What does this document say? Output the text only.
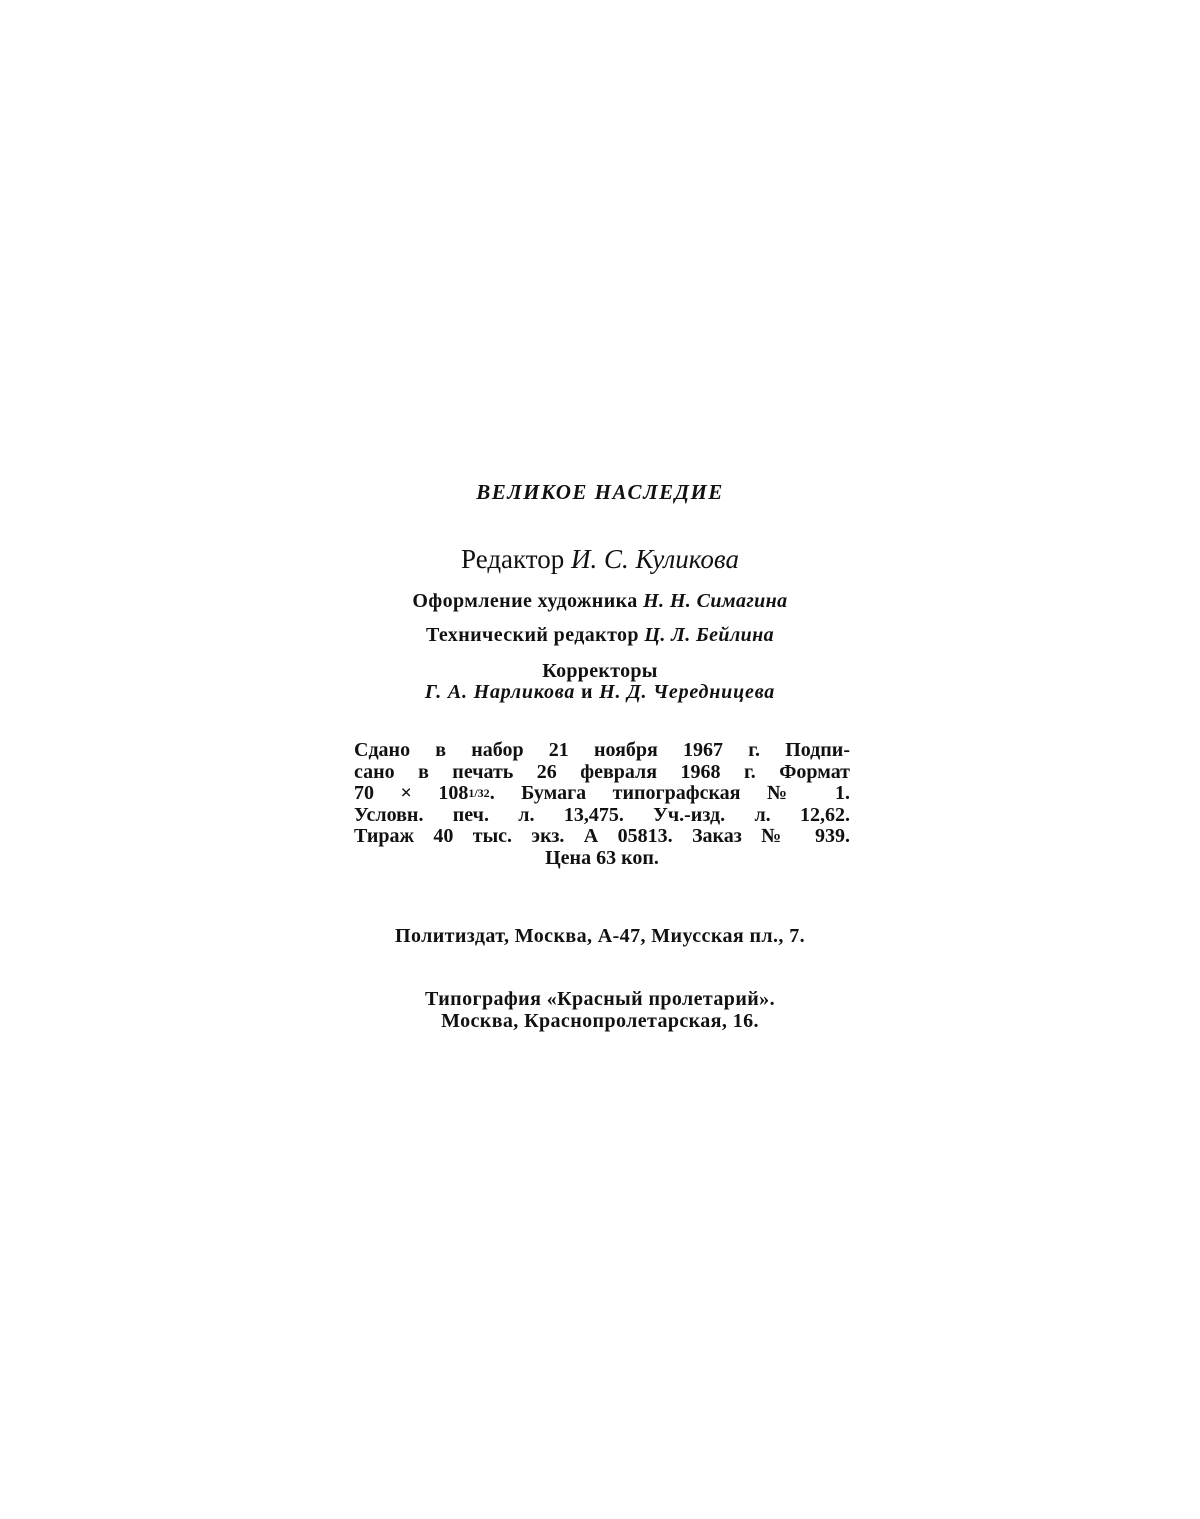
ВЕЛИКОЕ НАСЛЕДИЕ

Редактор И. С. Куликова

Оформление художника Н. Н. Симагина

Технический редактор Ц. Л. Бейлина

Корректоры

Г. А. Нарликова и Н. Д. Чередницева

Сдано в набор 21 ноября 1967 г. Подпи-
сано в печать 26 февраля 1968 г. Формат
70 × 1081/32. Бумага типографская № 1.
Условн. печ. л. 13,475. Уч.-изд. л. 12,62.
Тираж 40 тыс. экз. А 05813. Заказ № 939.
Цена 63 коп.

Политиздат, Москва, А-47, Миусская пл., 7.

Типография «Красный пролетарий».

Москва, Краснопролетарская, 16.
